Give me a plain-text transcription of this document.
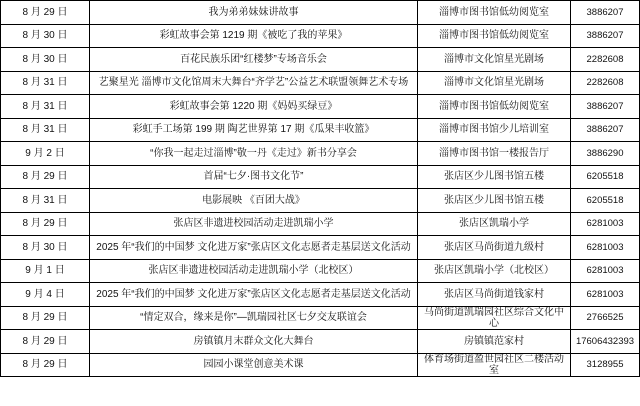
8 月 29 日	我为弟弟妹妹讲故事	淄博市图书馆低幼阅览室	3886207
8 月 30 日	彩虹故事会第 1219 期《被吃了我的苹果》	淄博市图书馆低幼阅览室	3886207
8 月 30 日	百花民族乐团“红楼梦”专场音乐会	淄博市文化馆星光剧场	2282608
8 月 31 日	艺聚星光 淄博市文化馆周末大舞台“齐学艺”公益艺术联盟领舞艺术专场	淄博市文化馆星光剧场	2282608
8 月 31 日	彩虹故事会第 1220 期《妈妈买绿豆》	淄博市图书馆低幼阅览室	3886207
8 月 31 日	彩虹手工场第 199 期 陶艺世界第 17 期《瓜果丰收篮》	淄博市图书馆少儿培训室	3886207
9 月 2 日	“你我一起走过淄博”敬一丹《走过》新书分享会	淄博市图书馆一楼报告厅	3886290
8 月 29 日	首届“七夕·图书文化节”	张店区少儿图书馆五楼	6205518
8 月 31 日	电影展映 《百团大战》	张店区少儿图书馆五楼	6205518
8 月 29 日	张店区非遗进校园活动走进凯瑞小学	张店区凯瑞小学	6281003
8 月 30 日	2025 年“我们的中国梦 文化进万家”张店区文化志愿者走基层送文化活动	张店区马尚街道九级村	6281003
9 月 1 日	张店区非遗进校园活动走进凯瑞小学（北校区）	张店区凯瑞小学（北校区）	6281003
9 月 4 日	2025 年“我们的中国梦 文化进万家”张店区文化志愿者走基层送文化活动	张店区马尚街道钱家村	6281003
8 月 29 日	“情定双合，缘来是你”—凯瑞园社区七夕交友联谊会	马尚街道凯瑞园社区综合文化中心	2766525
8 月 29 日	房镇镇月末群众文化大舞台	房镇镇范家村	17606432393
8 月 29 日	园园小课堂创意美术课	体育场街道盈世园社区二楼活动室	3128955
